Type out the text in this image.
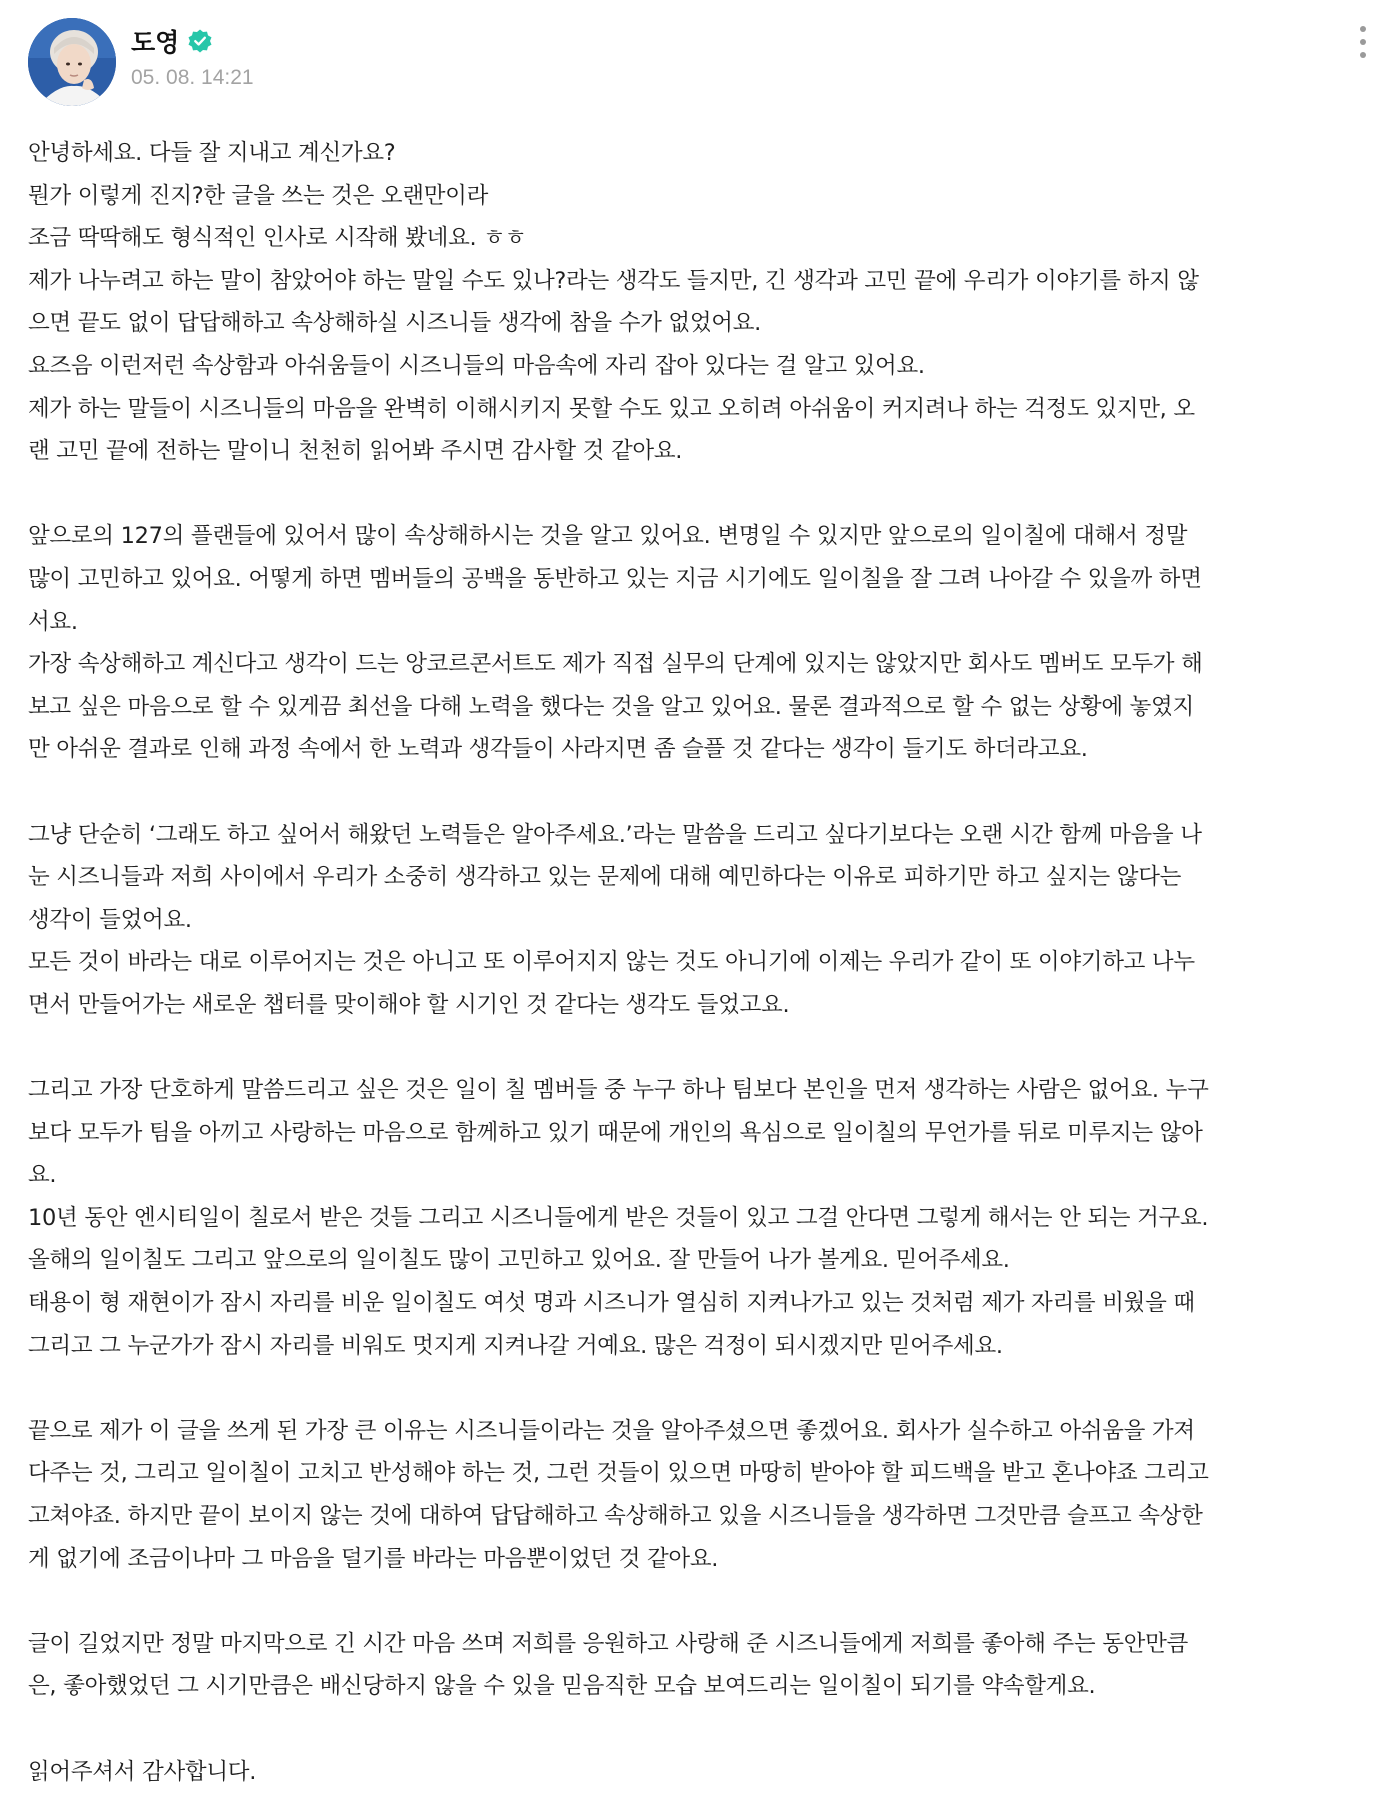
도영
05. 08. 14:21
안녕하세요. 다들 잘 지내고 계신가요?
뭔가 이렇게 진지?한 글을 쓰는 것은 오랜만이라
조금 딱딱해도 형식적인 인사로 시작해 봤네요. ㅎㅎ
제가 나누려고 하는 말이 참았어야 하는 말일 수도 있나?라는 생각도 들지만, 긴 생각과 고민 끝에 우리가 이야기를 하지 않
으면 끝도 없이 답답해하고 속상해하실 시즈니들 생각에 참을 수가 없었어요.
요즈음 이런저런 속상함과 아쉬움들이 시즈니들의 마음속에 자리 잡아 있다는 걸 알고 있어요.
제가 하는 말들이 시즈니들의 마음을 완벽히 이해시키지 못할 수도 있고 오히려 아쉬움이 커지려나 하는 걱정도 있지만, 오
랜 고민 끝에 전하는 말이니 천천히 읽어봐 주시면 감사할 것 같아요.
앞으로의 127의 플랜들에 있어서 많이 속상해하시는 것을 알고 있어요. 변명일 수 있지만 앞으로의 일이칠에 대해서 정말
많이 고민하고 있어요. 어떻게 하면 멤버들의 공백을 동반하고 있는 지금 시기에도 일이칠을 잘 그려 나아갈 수 있을까 하면
서요.
가장 속상해하고 계신다고 생각이 드는 앙코르콘서트도 제가 직접 실무의 단계에 있지는 않았지만 회사도 멤버도 모두가 해
보고 싶은 마음으로 할 수 있게끔 최선을 다해 노력을 했다는 것을 알고 있어요. 물론 결과적으로 할 수 없는 상황에 놓였지
만 아쉬운 결과로 인해 과정 속에서 한 노력과 생각들이 사라지면 좀 슬플 것 같다는 생각이 들기도 하더라고요.
그냥 단순히 ‘그래도 하고 싶어서 해왔던 노력들은 알아주세요.’라는 말씀을 드리고 싶다기보다는 오랜 시간 함께 마음을 나
눈 시즈니들과 저희 사이에서 우리가 소중히 생각하고 있는 문제에 대해 예민하다는 이유로 피하기만 하고 싶지는 않다는
생각이 들었어요.
모든 것이 바라는 대로 이루어지는 것은 아니고 또 이루어지지 않는 것도 아니기에 이제는 우리가 같이 또 이야기하고 나누
면서 만들어가는 새로운 챕터를 맞이해야 할 시기인 것 같다는 생각도 들었고요.
그리고 가장 단호하게 말씀드리고 싶은 것은 일이 칠 멤버들 중 누구 하나 팀보다 본인을 먼저 생각하는 사람은 없어요. 누구
보다 모두가 팀을 아끼고 사랑하는 마음으로 함께하고 있기 때문에 개인의 욕심으로 일이칠의 무언가를 뒤로 미루지는 않아
요.
10년 동안 엔시티일이 칠로서 받은 것들 그리고 시즈니들에게 받은 것들이 있고 그걸 안다면 그렇게 해서는 안 되는 거구요.
올해의 일이칠도 그리고 앞으로의 일이칠도 많이 고민하고 있어요. 잘 만들어 나가 볼게요. 믿어주세요.
태용이 형 재현이가 잠시 자리를 비운 일이칠도 여섯 명과 시즈니가 열심히 지켜나가고 있는 것처럼 제가 자리를 비웠을 때
그리고 그 누군가가 잠시 자리를 비워도 멋지게 지켜나갈 거예요. 많은 걱정이 되시겠지만 믿어주세요.
끝으로 제가 이 글을 쓰게 된 가장 큰 이유는 시즈니들이라는 것을 알아주셨으면 좋겠어요. 회사가 실수하고 아쉬움을 가져
다주는 것, 그리고 일이칠이 고치고 반성해야 하는 것, 그런 것들이 있으면 마땅히 받아야 할 피드백을 받고 혼나야죠 그리고
고쳐야죠. 하지만 끝이 보이지 않는 것에 대하여 답답해하고 속상해하고 있을 시즈니들을 생각하면 그것만큼 슬프고 속상한
게 없기에 조금이나마 그 마음을 덜기를 바라는 마음뿐이었던 것 같아요.
글이 길었지만 정말 마지막으로 긴 시간 마음 쓰며 저희를 응원하고 사랑해 준 시즈니들에게 저희를 좋아해 주는 동안만큼
은, 좋아했었던 그 시기만큼은 배신당하지 않을 수 있을 믿음직한 모습 보여드리는 일이칠이 되기를 약속할게요.
읽어주셔서 감사합니다.
